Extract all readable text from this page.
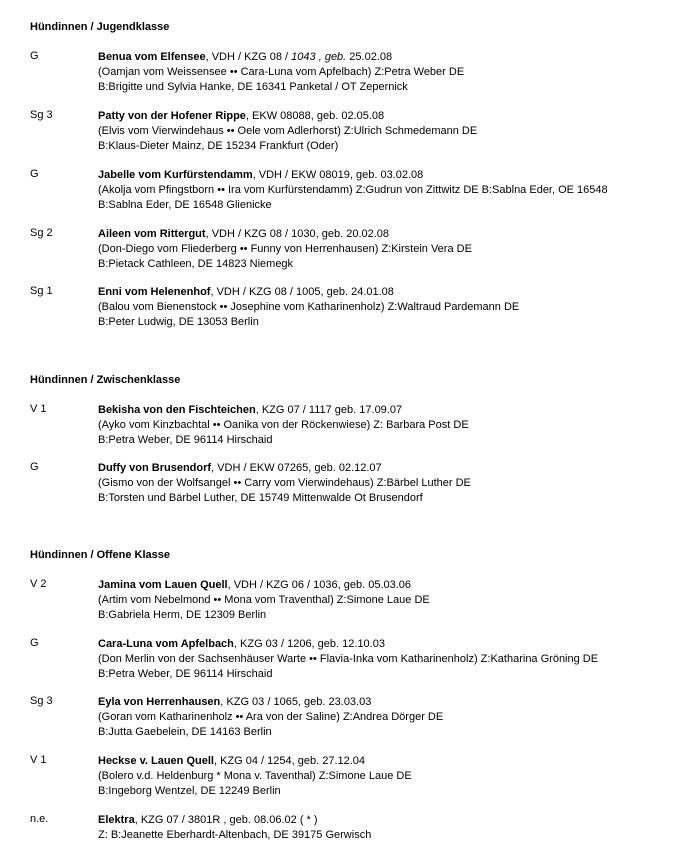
Hündinnen / Jugendklasse
G	Benua vom Elfensee, VDH / KZG 08 / 1043 , geb. 25.02.08
(Oamjan vom Weissensee •• Cara-Luna vom Apfelbach) Z:Petra Weber DE
B:Brigitte und Sylvia Hanke, DE 16341 Panketal / OT Zepernick
Sg 3	Patty von der Hofener Rippe, EKW 08088, geb. 02.05.08
(Elvis vom Vierwindehaus •• Oele vom Adlerhorst) Z:Ulrich Schmedemann DE
B:Klaus-Dieter Mainz, DE 15234 Frankfurt (Oder)
G	Jabelle vom Kurfürstendamm, VDH / EKW 08019, geb. 03.02.08
(Akolja vom Pfingstborn •• Ira vom Kurfürstendamm) Z:Gudrun von Zittwitz DE B:Sablna Eder, OE 16548
B:Sablna Eder, DE 16548 Glienicke
Sg 2	Aileen vom Rittergut, VDH / KZG 08 / 1030, geb. 20.02.08
(Don-Diego vom Fliederberg •• Funny von Herrenhausen) Z:Kirstein Vera DE
B:Pietack Cathleen, DE 14823 Niemegk
Sg 1	Enni vom Helenenhof, VDH / KZG 08 / 1005, geb. 24.01.08
(Balou vom Bienenstock •• Josephine vom Katharinenholz) Z:Waltraud Pardemann DE
B:Peter Ludwig, DE 13053 Berlin
Hündinnen / Zwischenklasse
V 1	Bekisha von den Fischteichen, KZG 07 / 1117 geb. 17.09.07
(Ayko vom Kinzbachtal •• Oanika von der Röckenwiese) Z: Barbara Post DE
B:Petra Weber, DE 96114 Hirschaid
G	Duffy von Brusendorf, VDH / EKW 07265, geb. 02.12.07
(Gismo von der Wolfsangel •• Carry vom Vierwindehaus) Z:Bärbel Luther DE
B:Torsten und Bärbel Luther, DE 15749 Mittenwalde Ot Brusendorf
Hündinnen / Offene Klasse
V 2	Jamina vom Lauen Quell, VDH / KZG 06 / 1036, geb. 05.03.06
(Artim vom Nebelmond •• Mona vom Traventhal) Z:Simone Laue DE
B:Gabriela Herm, DE 12309 Berlin
G	Cara-Luna vom Apfelbach, KZG 03 / 1206, geb. 12.10.03
(Don Merlin von der Sachsenhäuser Warte •• Flavia-Inka vom Katharinenholz) Z:Katharina Gröning DE
B:Petra Weber, DE 96114 Hirschaid
Sg 3	Eyla von Herrenhausen, KZG 03 / 1065, geb. 23.03.03
(Goran vom Katharinenholz •• Ara von der Saline) Z:Andrea Dörger DE
B:Jutta Gaebelein, DE 14163 Berlin
V 1	Heckse v. Lauen Quell, KZG 04 / 1254, geb. 27.12.04
(Bolero v.d. Heldenburg * Mona v. Taventhal) Z:Simone Laue DE
B:Ingeborg Wentzel, DE 12249 Berlin
n.e.	Elektra, KZG 07 / 3801R , geb. 08.06.02 ( * )
Z: B:Jeanette Eberhardt-Altenbach, DE 39175 Gerwisch
